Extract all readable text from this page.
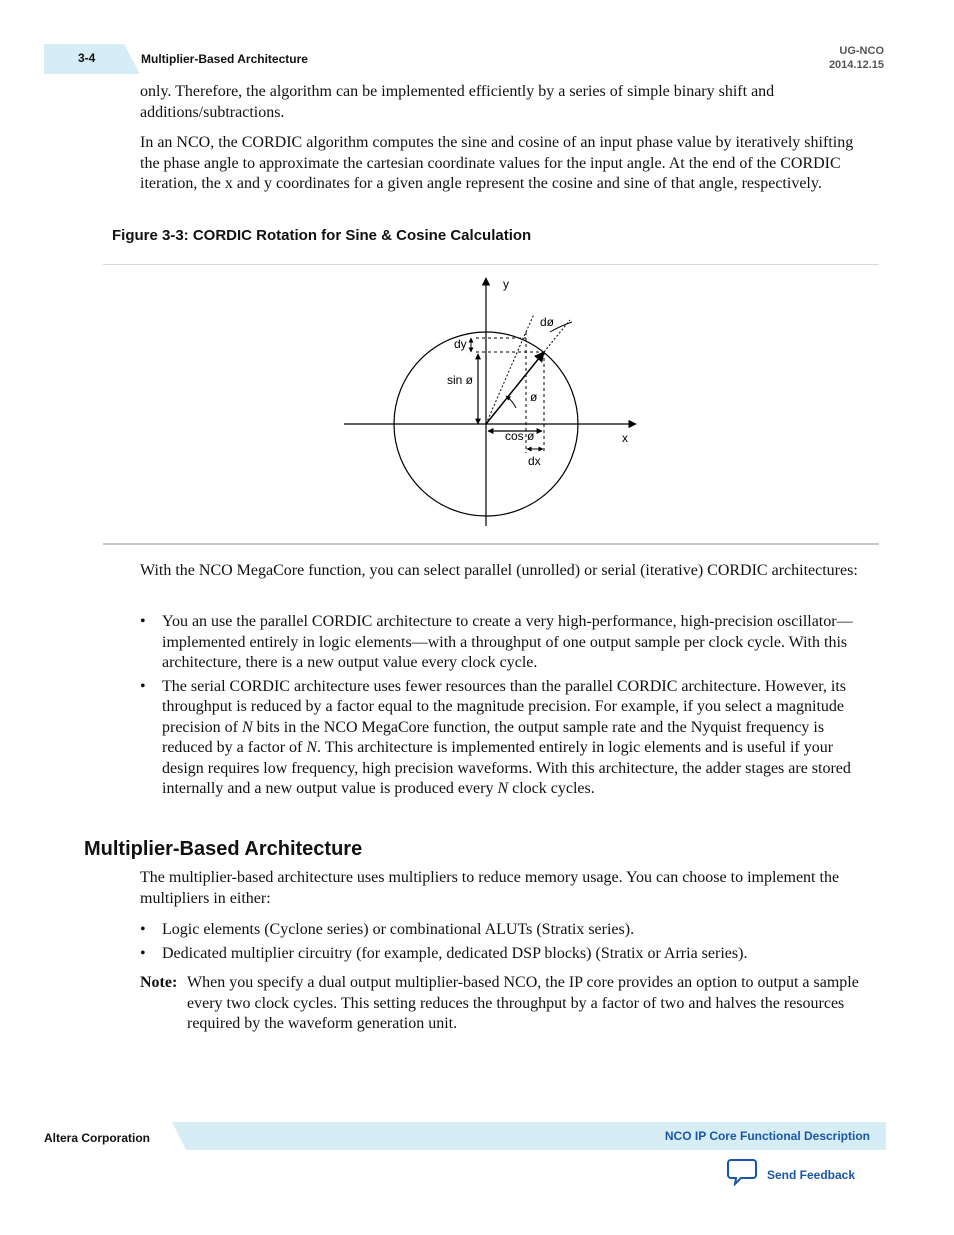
3-4	Multiplier-Based Architecture
UG-NCO
2014.12.15

only. Therefore, the algorithm can be implemented efficiently by a series of simple binary shift and additions/subtractions.

In an NCO, the CORDIC algorithm computes the sine and cosine of an input phase value by iteratively shifting the phase angle to approximate the cartesian coordinate values for the input angle. At the end of the CORDIC iteration, the x and y coordinates for a given angle represent the cosine and sine of that angle, respectively.

Figure 3-3: CORDIC Rotation for Sine & Cosine Calculation
y
x
dø
dy
sin ø
ø
cos ø
dx

With the NCO MegaCore function, you can select parallel (unrolled) or serial (iterative) CORDIC architectures:

• You an use the parallel CORDIC architecture to create a very high-performance, high-precision oscillator—implemented entirely in logic elements—with a throughput of one output sample per clock cycle. With this architecture, there is a new output value every clock cycle.
• The serial CORDIC architecture uses fewer resources than the parallel CORDIC architecture. However, its throughput is reduced by a factor equal to the magnitude precision. For example, if you select a magnitude precision of N bits in the NCO MegaCore function, the output sample rate and the Nyquist frequency is reduced by a factor of N. This architecture is implemented entirely in logic elements and is useful if your design requires low frequency, high precision waveforms. With this architecture, the adder stages are stored internally and a new output value is produced every N clock cycles.
Multiplier-Based Architecture

The multiplier-based architecture uses multipliers to reduce memory usage. You can choose to implement the multipliers in either:

• Logic elements (Cyclone series) or combinational ALUTs (Stratix series).
• Dedicated multiplier circuitry (for example, dedicated DSP blocks) (Stratix or Arria series).
Note: When you specify a dual output multiplier-based NCO, the IP core provides an option to output a sample every two clock cycles. This setting reduces the throughput by a factor of two and halves the resources required by the waveform generation unit.
Altera Corporation	NCO IP Core Functional Description
Send Feedback
